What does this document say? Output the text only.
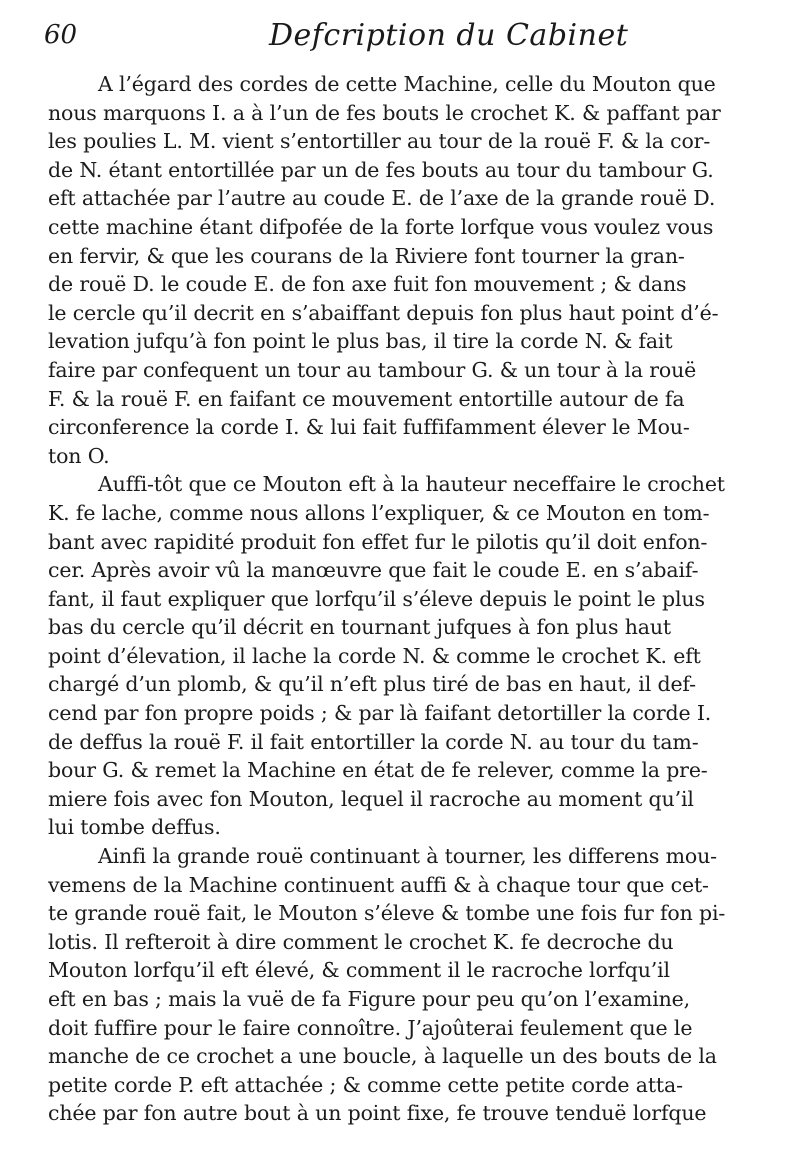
60	Defcription du Cabinet
A l’égard des cordes de cette Machine, celle du Mouton que
nous marquons I. a à l’un de fes bouts le crochet K. & paffant par
les poulies L. M. vient s’entortiller au tour de la rouë F. & la cor-
de N. étant entortillée par un de fes bouts au tour du tambour G.
eft attachée par l’autre au coude E. de l’axe de la grande rouë D.
cette machine étant difpofée de la forte lorfque vous voulez vous
en fervir, & que les courans de la Riviere font tourner la gran-
de rouë D. le coude E. de fon axe fuit fon mouvement ; & dans
le cercle qu’il decrit en s’abaiffant depuis fon plus haut point d’é-
levation jufqu’à fon point le plus bas, il tire la corde N. & fait
faire par confequent un tour au tambour G. & un tour à la rouë
F. & la rouë F. en faifant ce mouvement entortille autour de fa
circonference la corde I. & lui fait fuffifamment élever le Mou-
ton O.
Auffi-tôt que ce Mouton eft à la hauteur neceffaire le crochet
K. fe lache, comme nous allons l’expliquer, & ce Mouton en tom-
bant avec rapidité produit fon effet fur le pilotis qu’il doit enfon-
cer. Après avoir vû la manœuvre que fait le coude E. en s’abaif-
fant, il faut expliquer que lorfqu’il s’éleve depuis le point le plus
bas du cercle qu’il décrit en tournant jufques à fon plus haut
point d’élevation, il lache la corde N. & comme le crochet K. eft
chargé d’un plomb, & qu’il n’eft plus tiré de bas en haut, il def-
cend par fon propre poids ; & par là faifant detortiller la corde I.
de deffus la rouë F. il fait entortiller la corde N. au tour du tam-
bour G. & remet la Machine en état de fe relever, comme la pre-
miere fois avec fon Mouton, lequel il racroche au moment qu’il
lui tombe deffus.
Ainfi la grande rouë continuant à tourner, les differens mou-
vemens de la Machine continuent auffi & à chaque tour que cet-
te grande rouë fait, le Mouton s’éleve & tombe une fois fur fon pi-
lotis. Il refteroit à dire comment le crochet K. fe decroche du
Mouton lorfqu’il eft élevé, & comment il le racroche lorfqu’il
eft en bas ; mais la vuë de fa Figure pour peu qu’on l’examine,
doit fuffire pour le faire connoître. J’ajoûterai feulement que le
manche de ce crochet a une boucle, à laquelle un des bouts de la
petite corde P. eft attachée ; & comme cette petite corde atta-
chée par fon autre bout à un point fixe, fe trouve tenduë lorfque
